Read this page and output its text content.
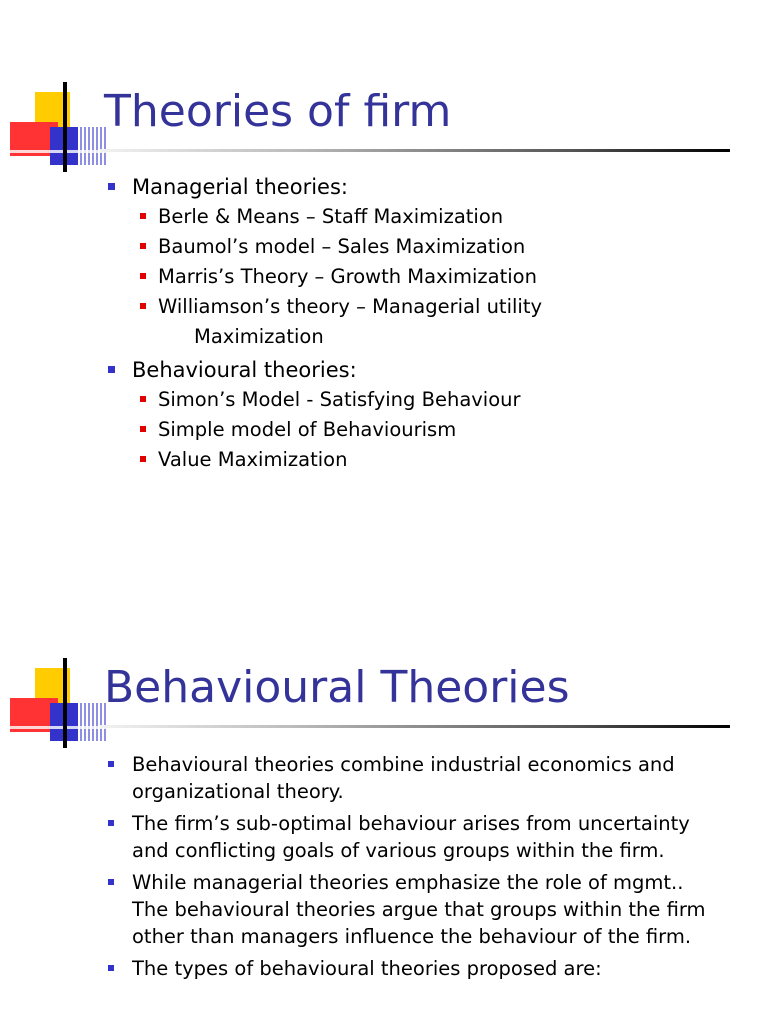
Theories of firm
Managerial theories:
Berle & Means – Staff Maximization
Baumol’s model – Sales Maximization
Marris’s Theory – Growth Maximization
Williamson’s theory – Managerial utility
Maximization
Behavioural theories:
Simon’s Model - Satisfying Behaviour
Simple model of Behaviourism
Value Maximization
Behavioural Theories
Behavioural theories combine industrial economics and organizational theory.
The firm’s sub-optimal behaviour arises from uncertainty and conflicting goals of various groups within the firm.
While managerial theories emphasize the role of mgmt.. The behavioural theories argue that groups within the firm other than managers influence the behaviour of the firm.
The types of behavioural theories proposed are:
